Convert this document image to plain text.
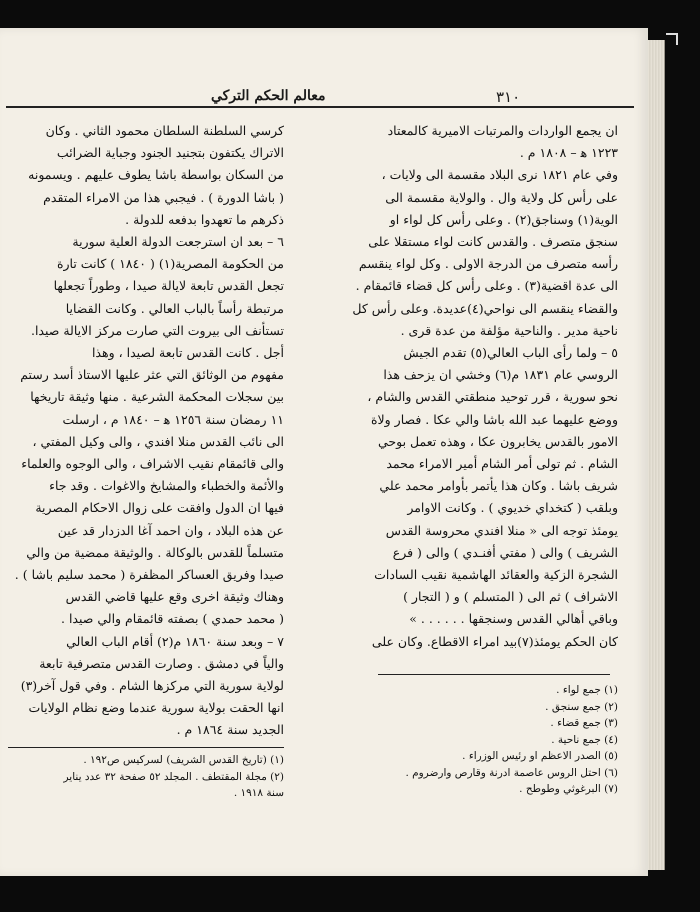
معالم الحكم التركي	٣١٠
ان يجمع الواردات والمرتبات الاميرية كالمعتاد
١٢٢٣ ﻫ – ١٨٠٨ م .
وفي عام ١٨٢١ نرى البلاد مقسمة الى ولايات ،
على رأس كل ولاية وال . والولاية مقسمة الى
الوية(١) وسناجق(٢) . وعلى رأس كل لواء او
سنجق متصرف . والقدس كانت لواء مستقلا على
رأسه متصرف من الدرجة الاولى . وكل لواء ينقسم
الى عدة اقضية(٣) . وعلى رأس كل قضاء قائمقام .
والقضاء ينقسم الى نواحي(٤)عديدة. وعلى رأس كل
ناحية مدير . والناحية مؤلفة من عدة قرى .
٥ – ولما رأى الباب العالي(٥) تقدم الجيش
الروسي عام ١٨٣١ م(٦) وخشي ان يزحف هذا
نحو سورية ، قرر توحيد منطقتي القدس والشام ،
ووضع عليهما عبد الله باشا والي عكا . فصار ولاة
الامور بالقدس يخابرون عكا ، وهذه تعمل بوحي
الشام . ثم تولى أمر الشام أمير الامراء محمد
شريف باشا . وكان هذا يأتمر بأوامر محمد علي
وبلقب ( كتخداي خديوي ) . وكانت الاوامر
يومئذ توجه الى « منلا افندي محروسة القدس
الشريف ) والى ( مفتي أفنـدي ) والى ( فرع
الشجرة الزكية والعقائد الهاشمية نقيب السادات
الاشراف ) ثم الى ( المتسلم ) و ( التجار )
وباقي أهالي القدس وسنجقها . . . . . . »
كان الحكم يومئذ(٧)بيد امراء الاقطاع. وكان على
كرسي السلطنة السلطان محمود الثاني . وكان
الاتراك يكتفون بتجنيد الجنود وجباية الضرائب
من السكان بواسطة باشا يطوف عليهم . ويسمونه
( باشا الدورة ) . فيجبي هذا من الامراء المتقدم
ذكرهم ما تعهدوا بدفعه للدولة .
٦ – بعد ان استرجعت الدولة العلية سورية
من الحكومة المصرية(١) ( ١٨٤٠ ) كانت تارة
تجعل القدس تابعة لايالة صيدا ، وطوراً تجعلها
مرتبطة رأساً بالباب العالي . وكانت القضايا
تستأنف الى بيروت التي صارت مركز الايالة صيدا.
أجل . كانت القدس تابعة لصيدا ، وهذا
مفهوم من الوثائق التي عثر عليها الاستاذ أسد رستم
بين سجلات المحكمة الشرعية . منها وثيقة تاريخها
١١ رمضان سنة ١٢٥٦ ﻫ – ١٨٤٠ م ، ارسلت
الى نائب القدس منلا افندي ، والى وكيل المفتي ،
والى قائمقام نقيب الاشراف ، والى الوجوه والعلماء
والأئمة والخطباء والمشايخ والاغوات . وقد جاء
فيها ان الدول وافقت على زوال الاحكام المصرية
عن هذه البلاد ، وان احمد آغا الدزدار قد عين
متسلماً للقدس بالوكالة . والوثيقة ممضية من والي
صيدا وفريق العساكر المظفرة ( محمد سليم باشا ) .
وهناك وثيقة اخرى وقع عليها قاضي القدس
( محمد حمدي ) بصفته قائمقام والي صيدا .
٧ – وبعد سنة ١٨٦٠ م(٢) أقام الباب العالي
والياً في دمشق . وصارت القدس متصرفية تابعة
لولاية سورية التي مركزها الشام . وفي قول آخر(٣)
انها الحقت بولاية سورية عندما وضع نظام الولايات
الجديد سنة ١٨٦٤ م .
(١) جمع لواء .
(٢) جمع سنجق .
(٣) جمع قضاء .
(٤) جمع ناحية .
(٥) الصدر الاعظم او رئيس الوزراء .
(٦) احتل الروس عاصمة ادرنة وقارص وارضروم .
(٧) البرغوثي وطوطح .
(١) (تاريخ القدس الشريف) لسركيس ص١٩٢ .
(٢) مجلة المقتطف . المجلد ٥٢ صفحة ٣٢ عدد يناير
سنة ١٩١٨ .
